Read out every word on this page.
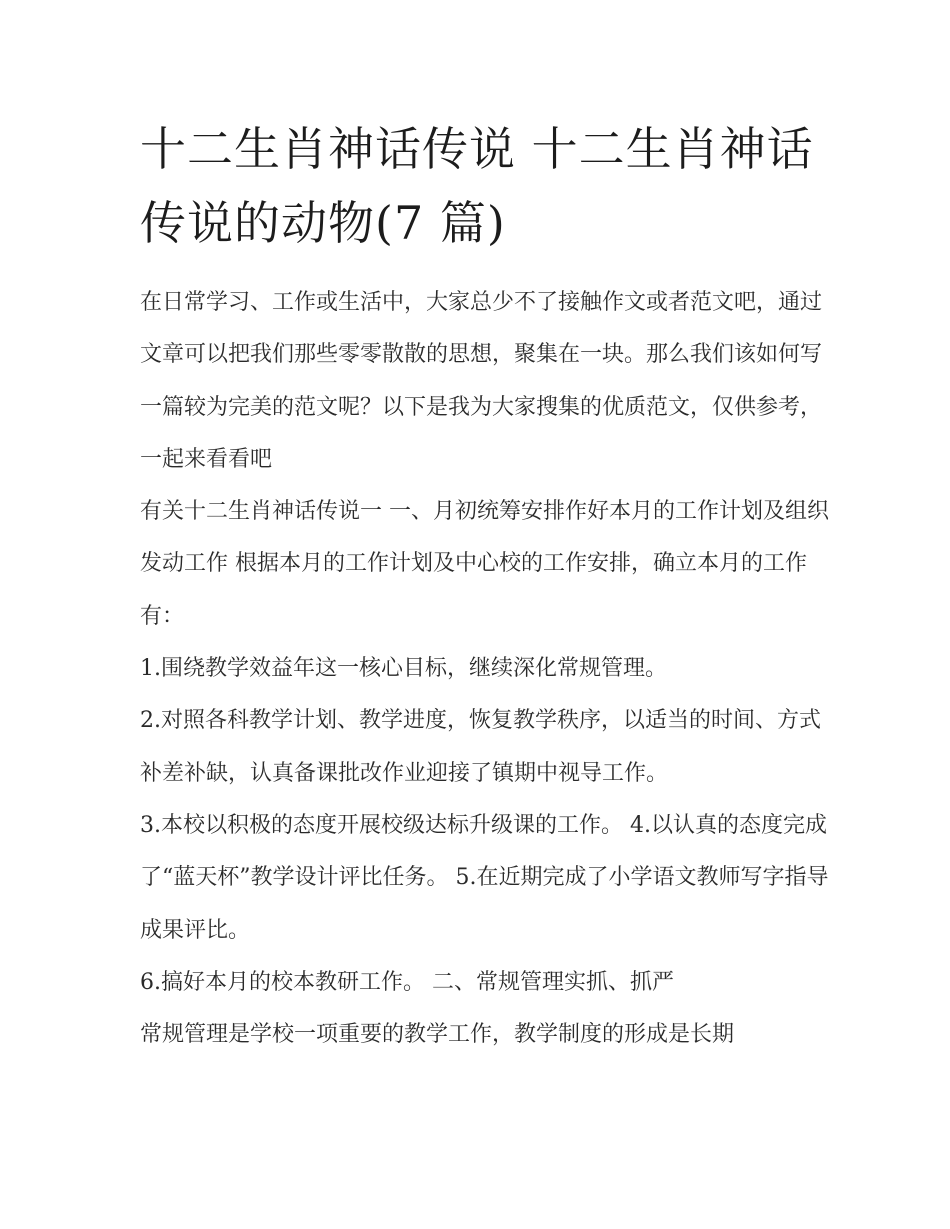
十二生肖神话传说 十二生肖神话传说的动物(7 篇)

在日常学习、工作或生活中，大家总少不了接触作文或者范文吧，通过文章可以把我们那些零零散散的思想，聚集在一块。那么我们该如何写一篇较为完美的范文呢？以下是我为大家搜集的优质范文，仅供参考，一起来看看吧

有关十二生肖神话传说一 一、月初统筹安排作好本月的工作计划及组织发动工作 根据本月的工作计划及中心校的工作安排，确立本月的工作有：

1.围绕教学效益年这一核心目标，继续深化常规管理。

2.对照各科教学计划、教学进度，恢复教学秩序，以适当的时间、方式补差补缺，认真备课批改作业迎接了镇期中视导工作。

3.本校以积极的态度开展校级达标升级课的工作。 4.以认真的态度完成了“蓝天杯”教学设计评比任务。 5.在近期完成了小学语文教师写字指导成果评比。

6.搞好本月的校本教研工作。 二、常规管理实抓、抓严

常规管理是学校一项重要的教学工作，教学制度的形成是长期
